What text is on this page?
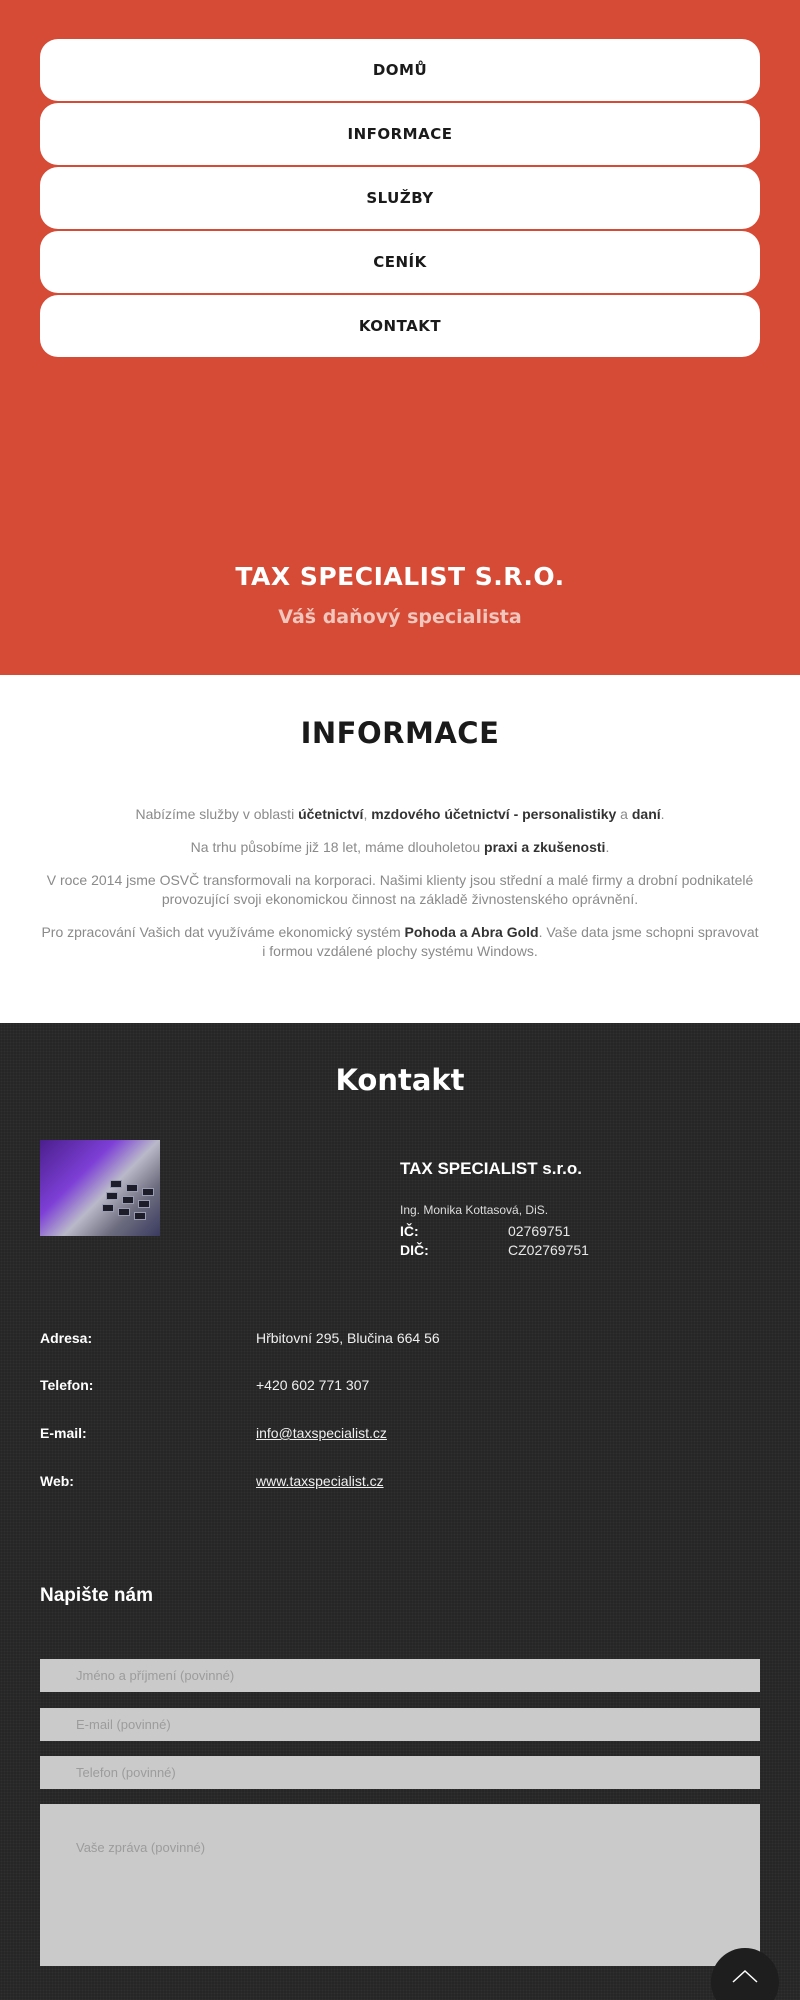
DOMŮ
INFORMACE
SLUŽBY
CENÍK
KONTAKT
TAX SPECIALIST S.R.O.
Váš daňový specialista
INFORMACE

Nabízíme služby v oblasti účetnictví, mzdového účetnictví - personalistiky a daní.

Na trhu působíme již 18 let, máme dlouholetou praxi a zkušenosti.

V roce 2014 jsme OSVČ transformovali na korporaci. Našimi klienty jsou střední a malé firmy a drobní podnikatelé provozující svoji ekonomickou činnost na základě živnostenského oprávnění.

Pro zpracování Vašich dat využíváme ekonomický systém Pohoda a Abra Gold. Vaše data jsme schopni spravovat i formou vzdálené plochy systému Windows.

Kontakt
TAX SPECIALIST s.r.o.
Ing. Monika Kottasová, DiS.
IČ:	02769751
DIČ:	CZ02769751
Adresa:	Hřbitovní 295, Blučina 664 56
Telefon:	+420 602 771 307
E-mail:	info@taxspecialist.cz
Web:	www.taxspecialist.cz
Napište nám
Jméno a příjmení (povinné)
E-mail (povinné)
Telefon (povinné)
Vaše zpráva (povinné)
